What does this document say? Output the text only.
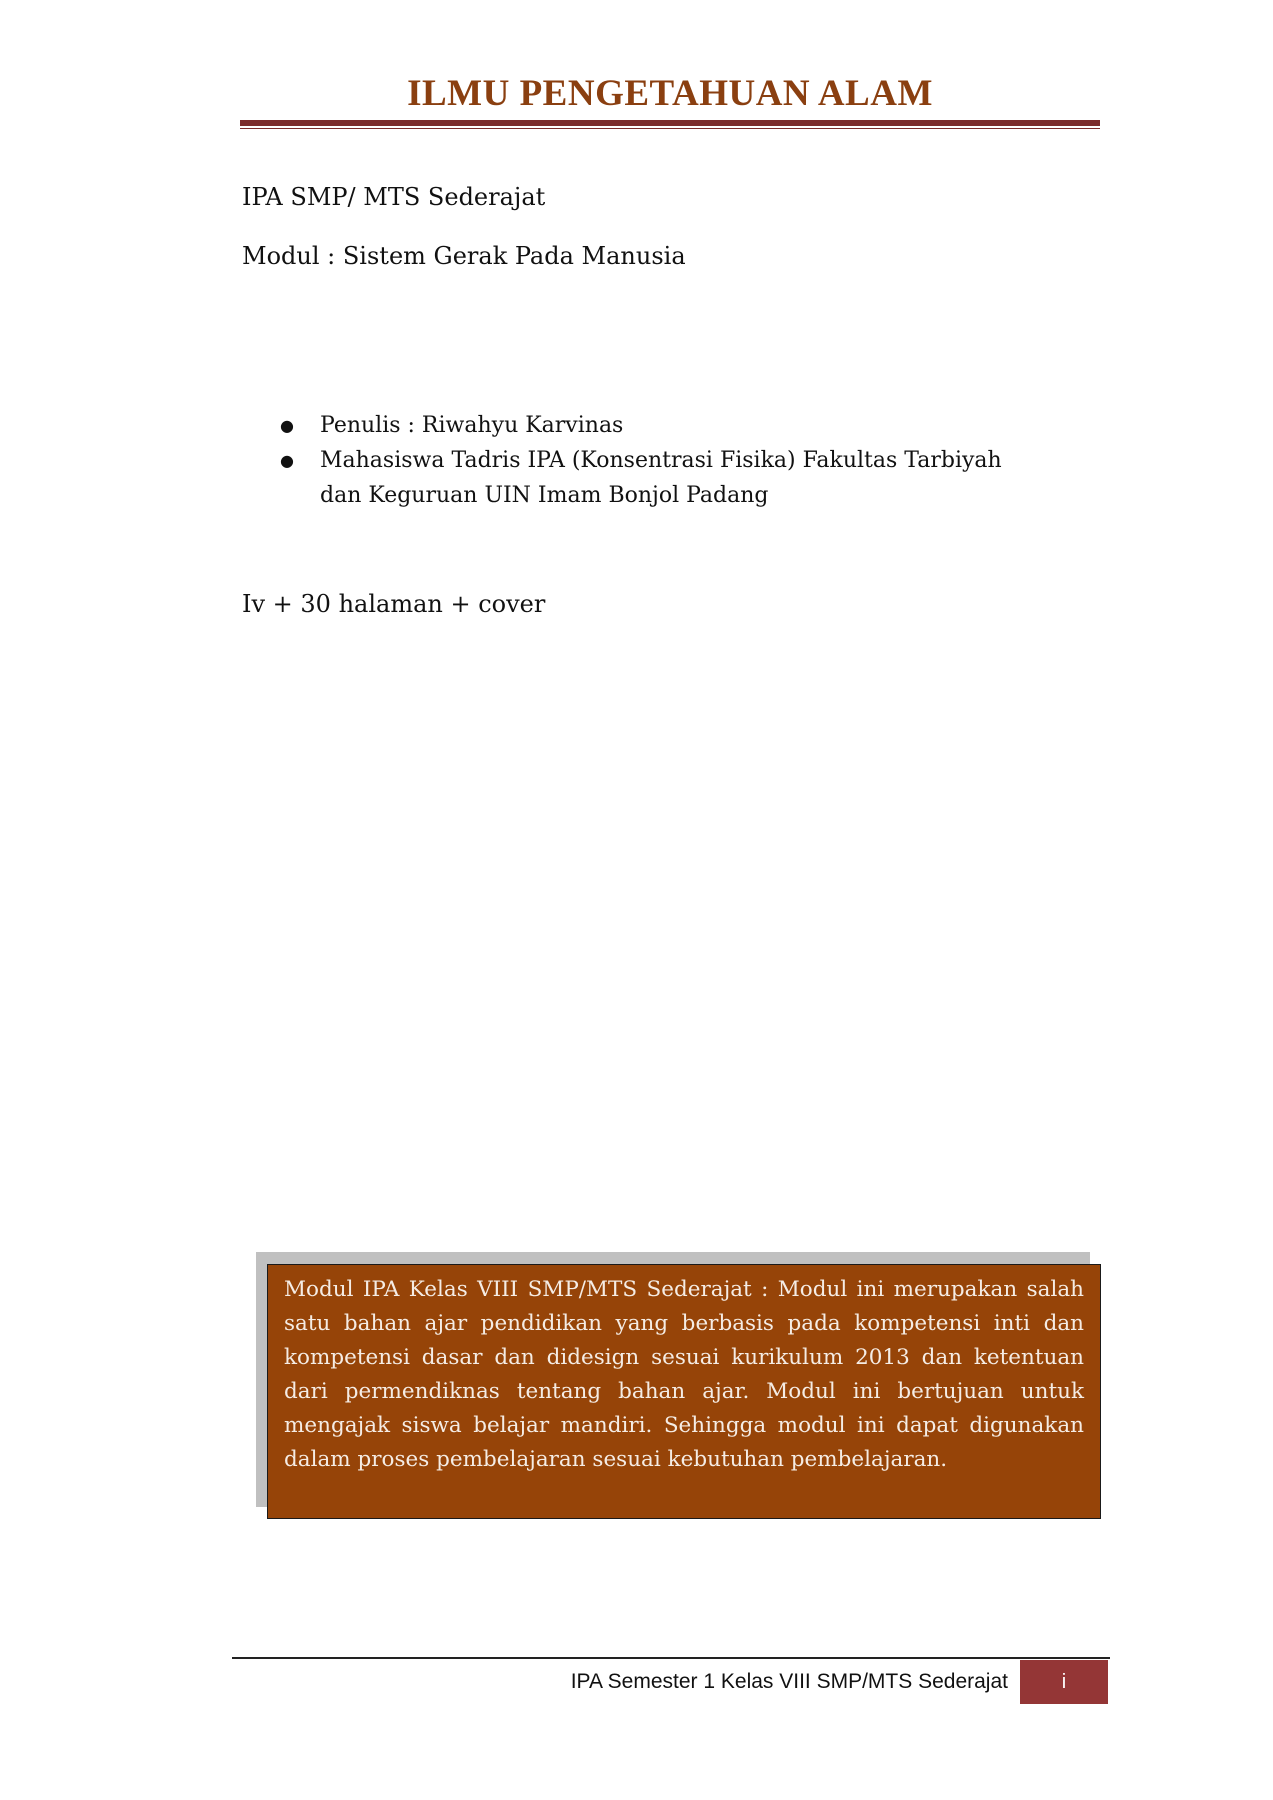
ILMU PENGETAHUAN ALAM
IPA SMP/ MTS Sederajat
Modul : Sistem Gerak Pada Manusia
●	Penulis : Riwahyu Karvinas
●	Mahasiswa Tadris IPA (Konsentrasi Fisika) Fakultas Tarbiyah dan Keguruan UIN Imam Bonjol Padang
Iv + 30 halaman + cover
Modul IPA Kelas VIII SMP/MTS Sederajat : Modul ini merupakan salah satu bahan ajar pendidikan yang berbasis pada kompetensi inti dan kompetensi dasar dan didesign sesuai kurikulum 2013 dan ketentuan dari permendiknas tentang bahan ajar. Modul ini bertujuan untuk mengajak siswa belajar mandiri. Sehingga modul ini dapat digunakan dalam proses pembelajaran sesuai kebutuhan pembelajaran.
IPA Semester 1 Kelas VIII SMP/MTS Sederajat	i
